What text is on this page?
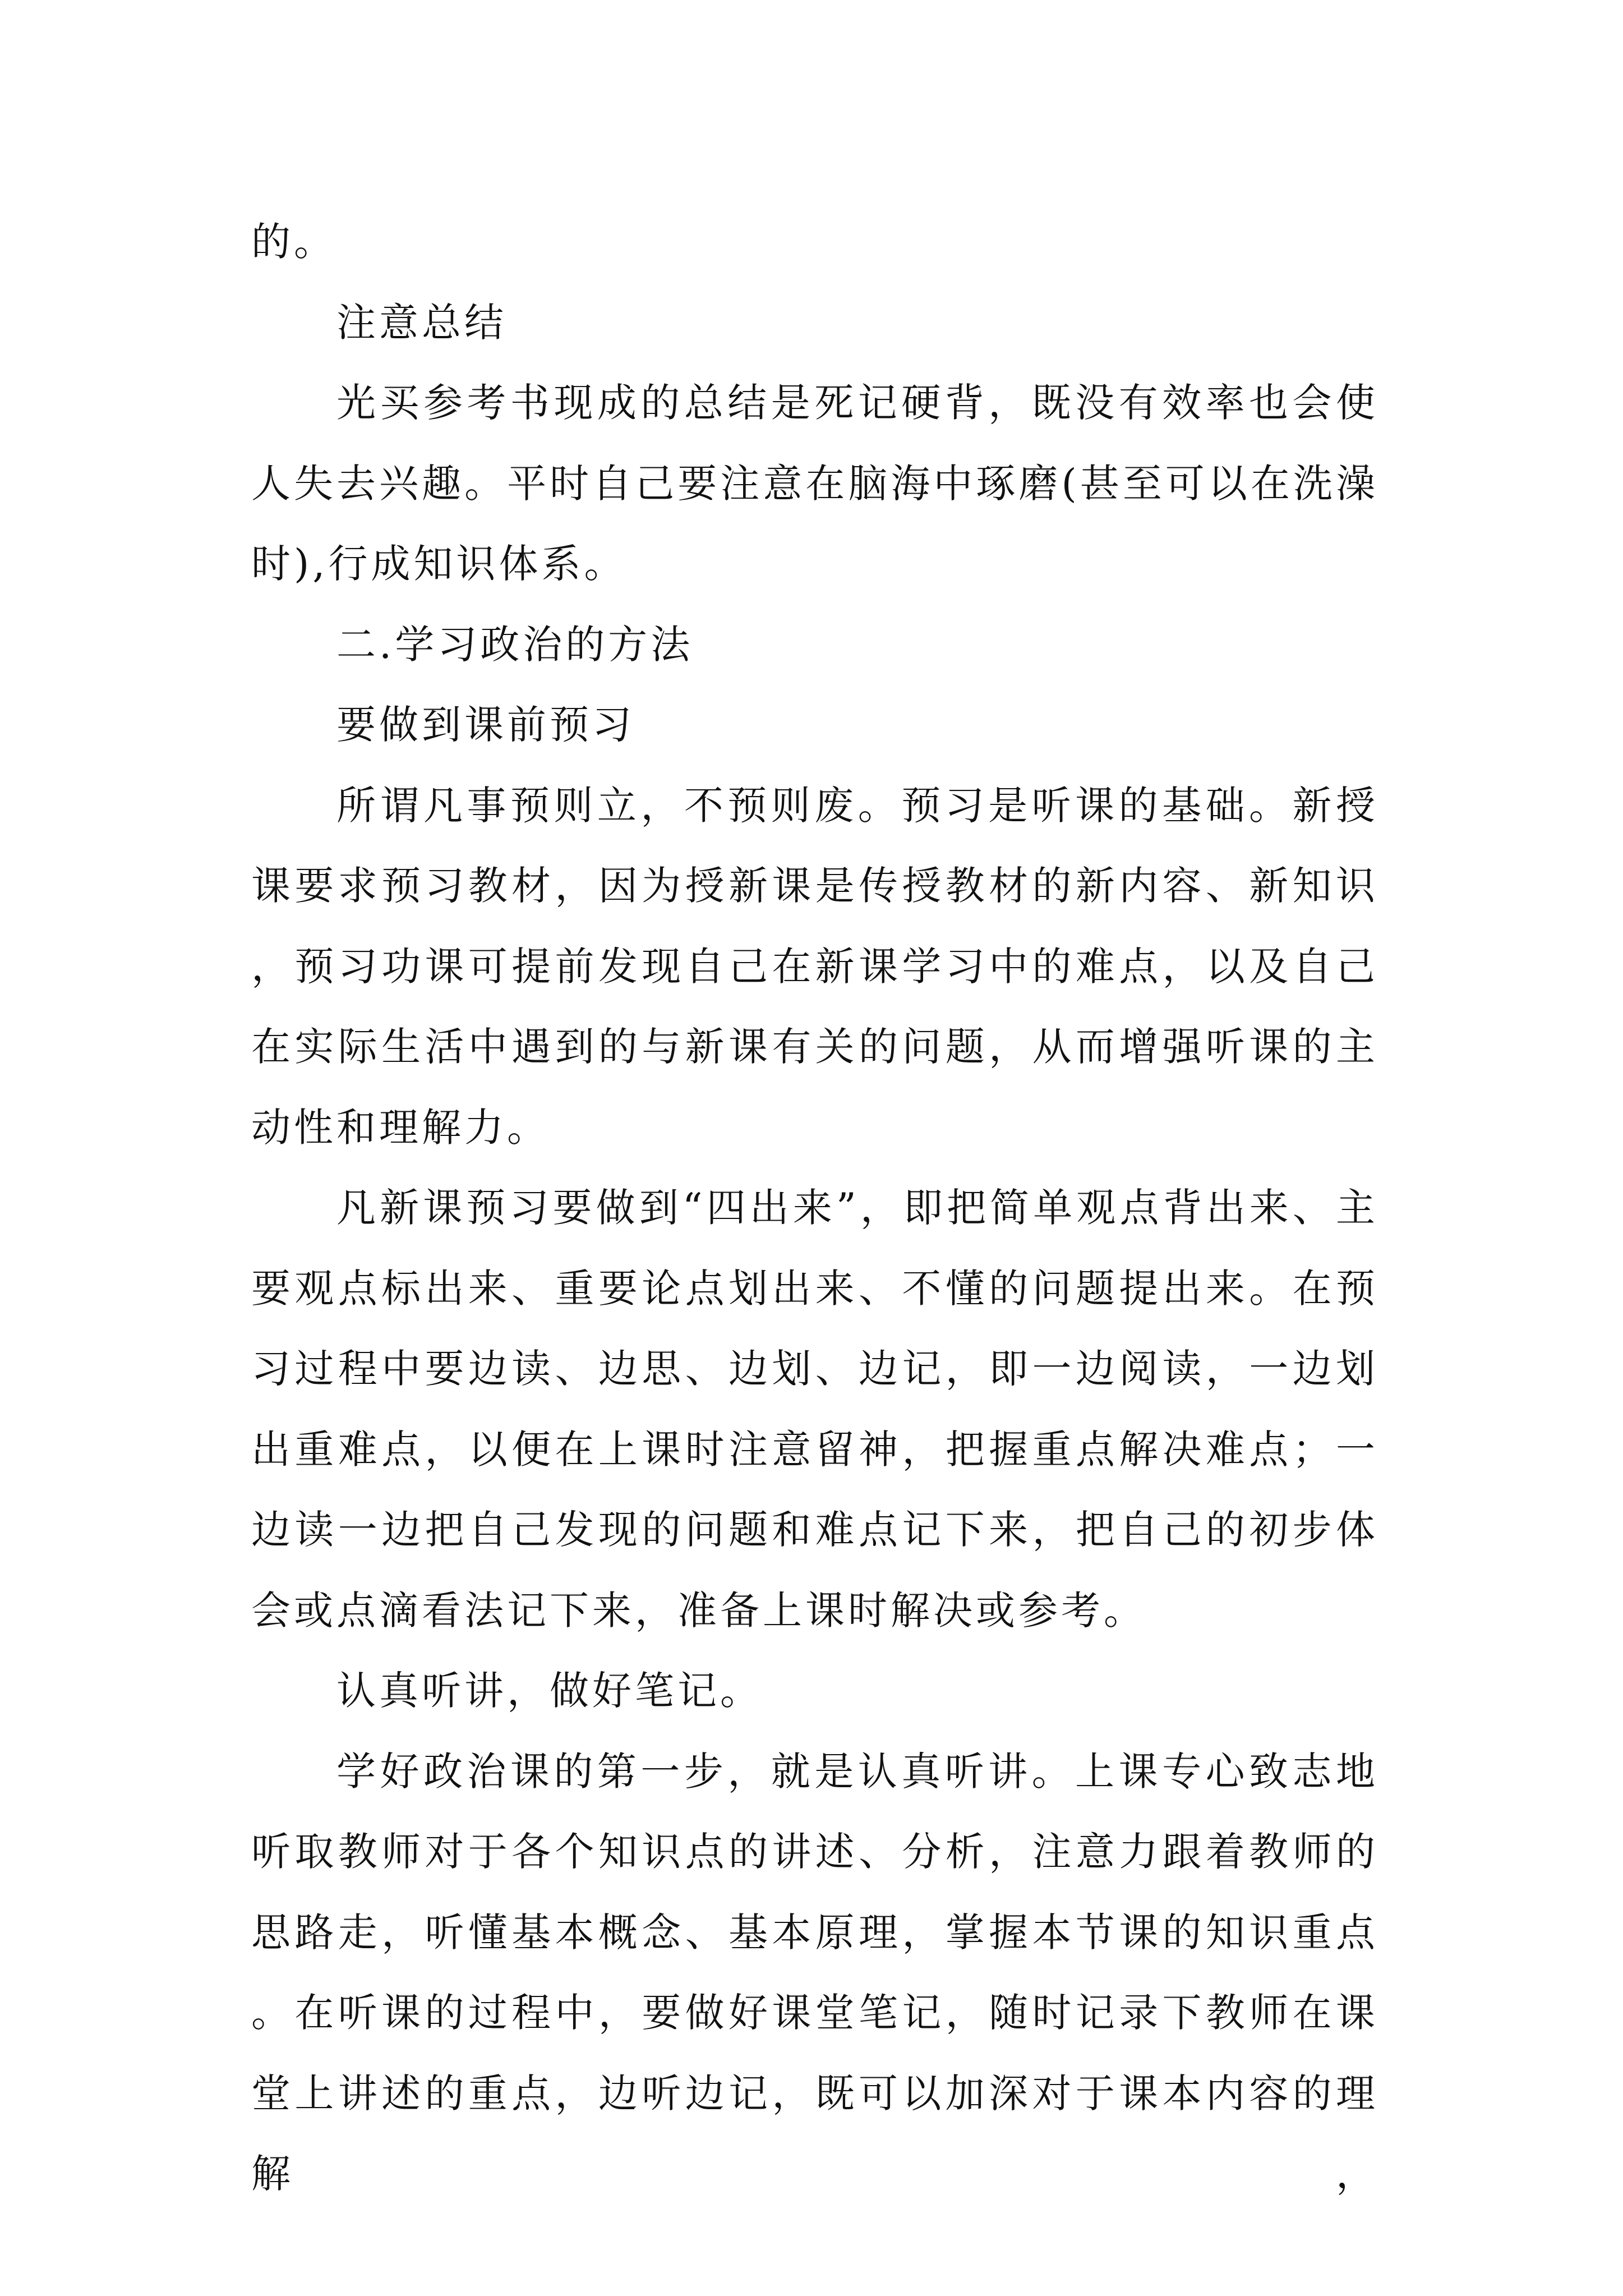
的。

注意总结

光买参考书现成的总结是死记硬背，既没有效率也会使人失去兴趣。平时自己要注意在脑海中琢磨(甚至可以在洗澡时),行成知识体系。

二.学习政治的方法

要做到课前预习

所谓凡事预则立，不预则废。预习是听课的基础。新授课要求预习教材，因为授新课是传授教材的新内容、新知识，预习功课可提前发现自己在新课学习中的难点，以及自己在实际生活中遇到的与新课有关的问题，从而增强听课的主动性和理解力。

凡新课预习要做到“四出来”，即把简单观点背出来、主要观点标出来、重要论点划出来、不懂的问题提出来。在预习过程中要边读、边思、边划、边记，即一边阅读，一边划出重难点，以便在上课时注意留神，把握重点解决难点；一边读一边把自己发现的问题和难点记下来，把自己的初步体会或点滴看法记下来，准备上课时解决或参考。

认真听讲，做好笔记。

学好政治课的第一步，就是认真听讲。上课专心致志地听取教师对于各个知识点的讲述、分析，注意力跟着教师的思路走，听懂基本概念、基本原理，掌握本节课的知识重点。在听课的过程中，要做好课堂笔记，随时记录下教师在课堂上讲述的重点，边听边记，既可以加深对于课本内容的理解，
